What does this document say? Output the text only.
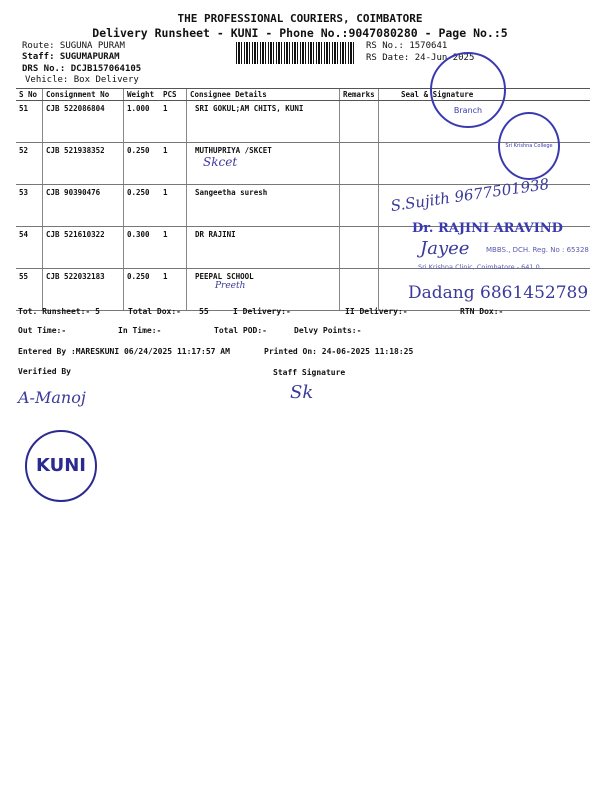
THE PROFESSIONAL COURIERS, COIMBATORE
Delivery Runsheet - KUNI - Phone No.:9047080280 - Page No.:5
Route: SUGUNA PURAM
Staff: SUGUMAPURAM
DRS No.: DCJB157064105
Vehicle: Box Delivery
RS No.: 1570641
RS Date: 24-Jun-2025
S No	Consignment No	Weight	PCS	Consignee Details	Remarks	Seal & Signature
51	CJB 522086804	1.000	1	SRI GOKUL;AM CHITS, KUNI		
52	CJB 521938352	0.250	1	MUTHUPRIYA /SKCET
Skcet		

53	CJB 90390476	0.250	1	Sangeetha suresh		
54	CJB 521610322	0.300	1	DR RAJINI		
55	CJB 522032183	0.250	1	PEEPAL SCHOOL
Preeth		

Branch
Sri Krishna College
S.Sujith 9677501938
Dr. RAJINI ARAVIND
Jayee MBBS., DCH. Reg. No : 65328
Sri Krishna Clinic, Coimbatore - 641 0..
Dadang 6861452789
Tot. Runsheet:- 5	Total Dox:- 55	I Delivery:-	II Delivery:-	RTN Dox:-
Out Time:-	In Time:-	Total POD:-	Delvy Points:-
Entered By :MARESKUNI 06/24/2025 11:17:57 AM	Printed On: 24-06-2025 11:18:25
Verified By	Staff Signature
A-Manoj	Sk
KUNI
